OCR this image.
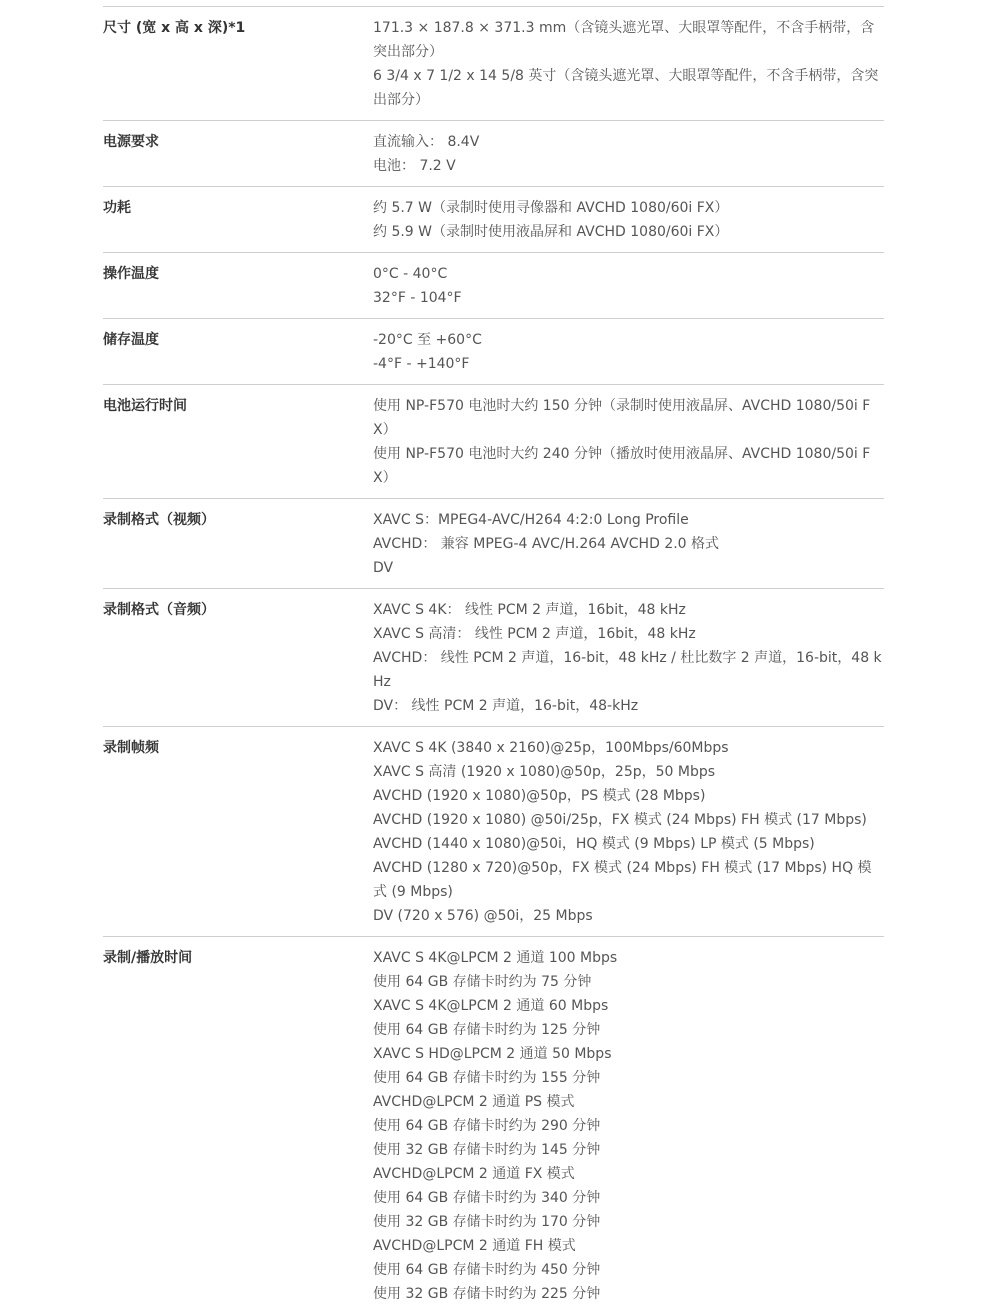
尺寸 (宽 x 高 x 深)*1	171.3 × 187.8 × 371.3 mm（含镜头遮光罩、大眼罩等配件，不含手柄带，含突出部分）
6 3/4 x 7 1/2 x 14 5/8 英寸（含镜头遮光罩、大眼罩等配件，不含手柄带，含突出部分）
电源要求	直流输入： 8.4V
电池： 7.2 V
功耗	约 5.7 W（录制时使用寻像器和 AVCHD 1080/60i FX）
约 5.9 W（录制时使用液晶屏和 AVCHD 1080/60i FX）
操作温度	0°C - 40°C
32°F - 104°F
储存温度	-20°C 至 +60°C
-4°F - +140°F
电池运行时间	使用 NP-F570 电池时大约 150 分钟（录制时使用液晶屏、AVCHD 1080/50i FX）
使用 NP-F570 电池时大约 240 分钟（播放时使用液晶屏、AVCHD 1080/50i FX）
录制格式（视频）	XAVC S：MPEG4-AVC/H264 4:2:0 Long Profile
AVCHD： 兼容 MPEG-4 AVC/H.264 AVCHD 2.0 格式
DV
录制格式（音频）	XAVC S 4K： 线性 PCM 2 声道，16bit，48 kHz
XAVC S 高清： 线性 PCM 2 声道，16bit，48 kHz
AVCHD： 线性 PCM 2 声道，16-bit，48 kHz / 杜比数字 2 声道，16-bit，48 kHz
DV： 线性 PCM 2 声道，16-bit，48-kHz
录制帧频	XAVC S 4K (3840 x 2160)@25p，100Mbps/60Mbps
XAVC S 高清 (1920 x 1080)@50p，25p，50 Mbps
AVCHD (1920 x 1080)@50p，PS 模式 (28 Mbps)
AVCHD (1920 x 1080) @50i/25p，FX 模式 (24 Mbps) FH 模式 (17 Mbps)
AVCHD (1440 x 1080)@50i，HQ 模式 (9 Mbps) LP 模式 (5 Mbps)
AVCHD (1280 x 720)@50p，FX 模式 (24 Mbps) FH 模式 (17 Mbps) HQ 模式 (9 Mbps)
DV (720 x 576) @50i，25 Mbps
录制/播放时间	XAVC S 4K@LPCM 2 通道 100 Mbps
使用 64 GB 存储卡时约为 75 分钟
XAVC S 4K@LPCM 2 通道 60 Mbps
使用 64 GB 存储卡时约为 125 分钟
XAVC S HD@LPCM 2 通道 50 Mbps
使用 64 GB 存储卡时约为 155 分钟
AVCHD@LPCM 2 通道 PS 模式
使用 64 GB 存储卡时约为 290 分钟
使用 32 GB 存储卡时约为 145 分钟
AVCHD@LPCM 2 通道 FX 模式
使用 64 GB 存储卡时约为 340 分钟
使用 32 GB 存储卡时约为 170 分钟
AVCHD@LPCM 2 通道 FH 模式
使用 64 GB 存储卡时约为 450 分钟
使用 32 GB 存储卡时约为 225 分钟
